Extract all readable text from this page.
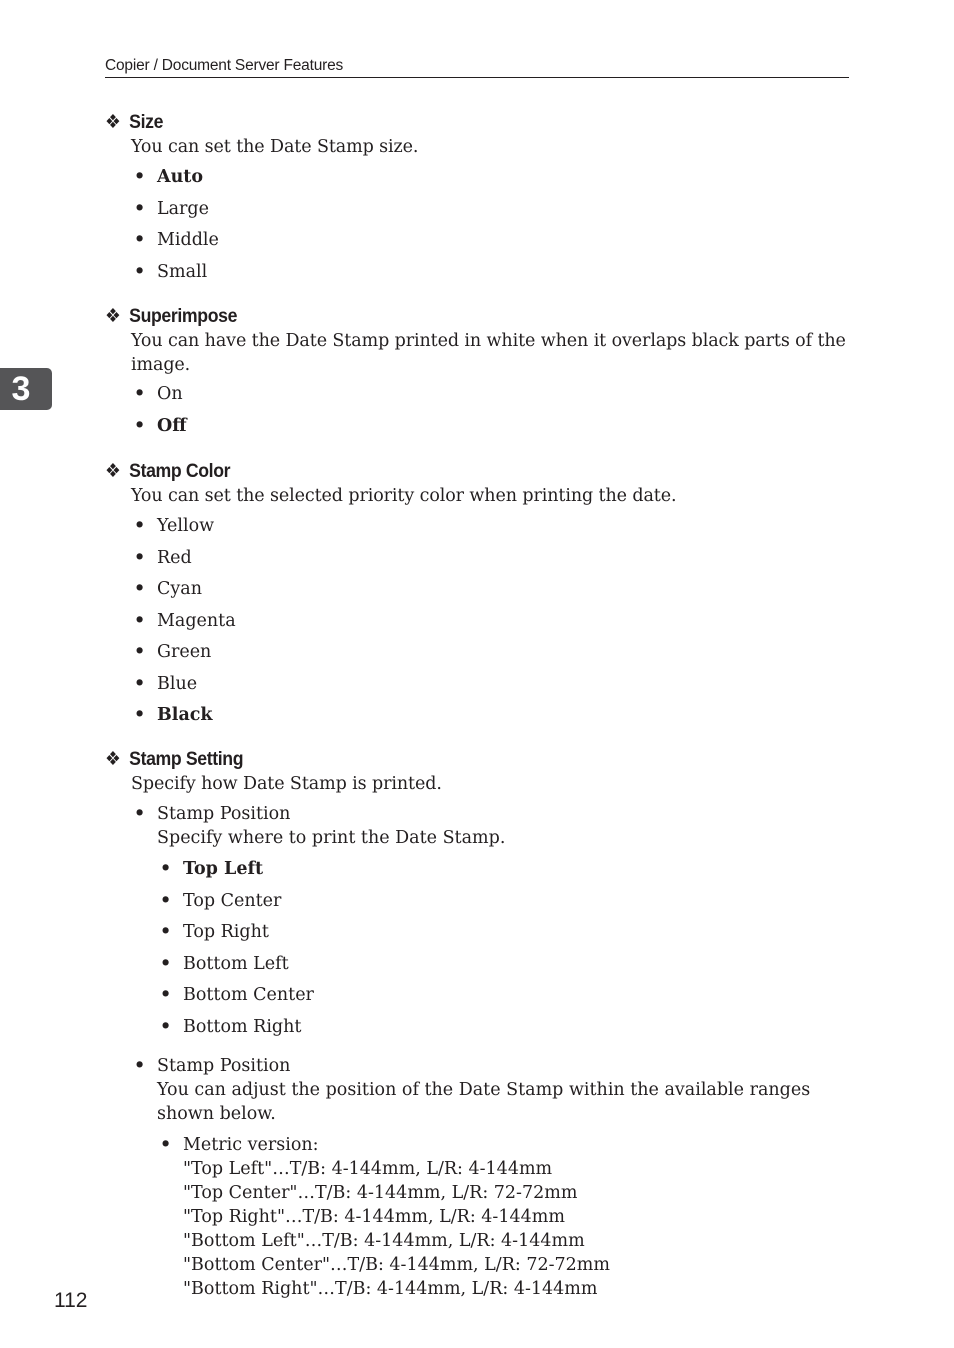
Copier / Document Server Features
3
❖ Size

You can set the Date Stamp size.

• Auto
• Large
• Middle
• Small
❖ Superimpose

You can have the Date Stamp printed in white when it overlaps black parts of the image.

• On
• Off
❖ Stamp Color

You can set the selected priority color when printing the date.

• Yellow
• Red
• Cyan
• Magenta
• Green
• Blue
• Black
❖ Stamp Setting

Specify how Date Stamp is printed.

• Stamp Position
Specify where to print the Date Stamp.
• Top Left
• Top Center
• Top Right
• Bottom Left
• Bottom Center
• Bottom Right
• Stamp Position
You can adjust the position of the Date Stamp within the available ranges shown below.
• Metric version:
"Top Left"…T/B: 4-144mm, L/R: 4-144mm
"Top Center"…T/B: 4-144mm, L/R: 72-72mm
"Top Right"…T/B: 4-144mm, L/R: 4-144mm
"Bottom Left"…T/B: 4-144mm, L/R: 4-144mm
"Bottom Center"…T/B: 4-144mm, L/R: 72-72mm
"Bottom Right"…T/B: 4-144mm, L/R: 4-144mm
112
